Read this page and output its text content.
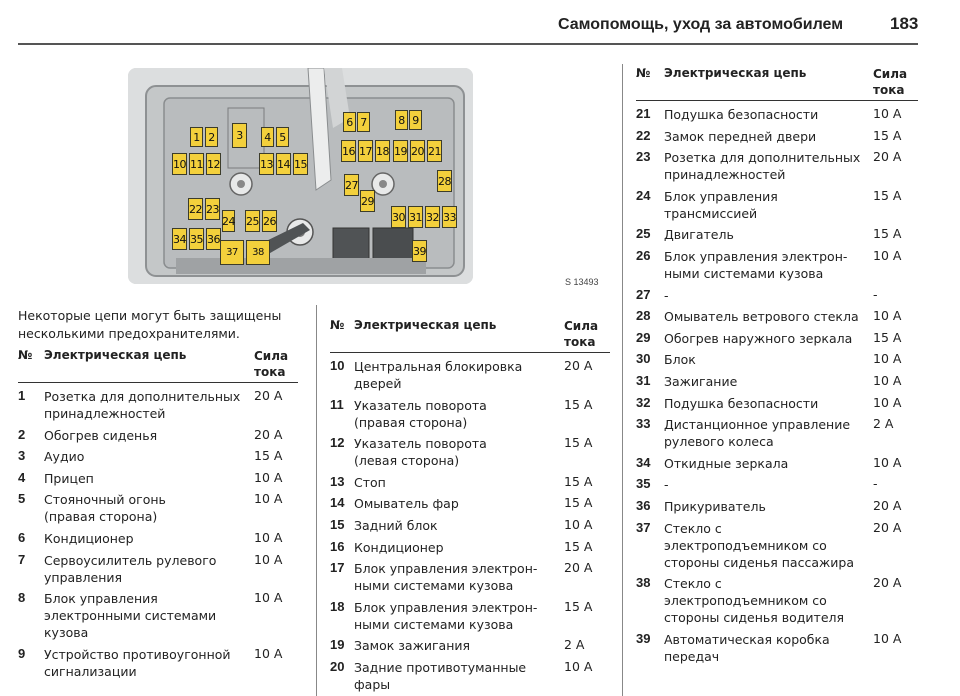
Самопомощь, уход за автомобилем	183
1 2	3	4 5
6 7	8 9
10 11 12	13 14 15
16 17 18 19 20 21
22 23
24 25 26
27	28
29
30 31 32 33
34 35 36
37	38	39
S 13493
Некоторые цепи могут быть защищены несколькими предохранителями.
№ Электрическая цепь	Сила
тока
1 Розетка для дополнительных
принадлежностей
20 А
2 Обогрев сиденья	20 А
3 Аудио	15 А
4 Прицеп	10 А
5 Стояночный огонь
(правая сторона)
10 А
6 Кондиционер	10 А
7 Сервоусилитель рулевого
управления
10 А
8 Блок управления
электронными системами
кузова
10 А
9 Устройство противоугонной
сигнализации
10 А
№ Электрическая цепь	Сила
тока
10 Центральная блокировка
дверей
20 А
11 Указатель поворота
(правая сторона)
15 А
12 Указатель поворота
(левая сторона)
15 А
13 Стоп	15 А
14 Омыватель фар	15 А
15 Задний блок	10 А
16 Кондиционер	15 А
17 Блок управления электрон-
ными системами кузова
20 А
18 Блок управления электрон-
ными системами кузова
15 А
19 Замок зажигания	2 А
20 Задние противотуманные
фары
10 А
№ Электрическая цепь	Сила
тока
21 Подушка безопасности	10 А
22 Замок передней двери	15 А
23 Розетка для дополнительных
принадлежностей
20 А
24 Блок управления
трансмиссией
15 А
25 Двигатель	15 А
26 Блок управления электрон-
ными системами кузова
10 А
27 -	-
28 Омыватель ветрового стекла 10 А
29 Обогрев наружного зеркала 15 А
30 Блок	10 А
31 Зажигание	10 А
32 Подушка безопасности	10 А
33 Дистанционное управление
рулевого колеса
2 А
34 Откидные зеркала	10 А
35 -	-
36 Прикуриватель	20 А
37 Стекло с
электроподъемником со
стороны сиденья пассажира
20 А
38 Стекло с
электроподъемником со
стороны сиденья водителя
20 А
39 Автоматическая коробка
передач
10 А
